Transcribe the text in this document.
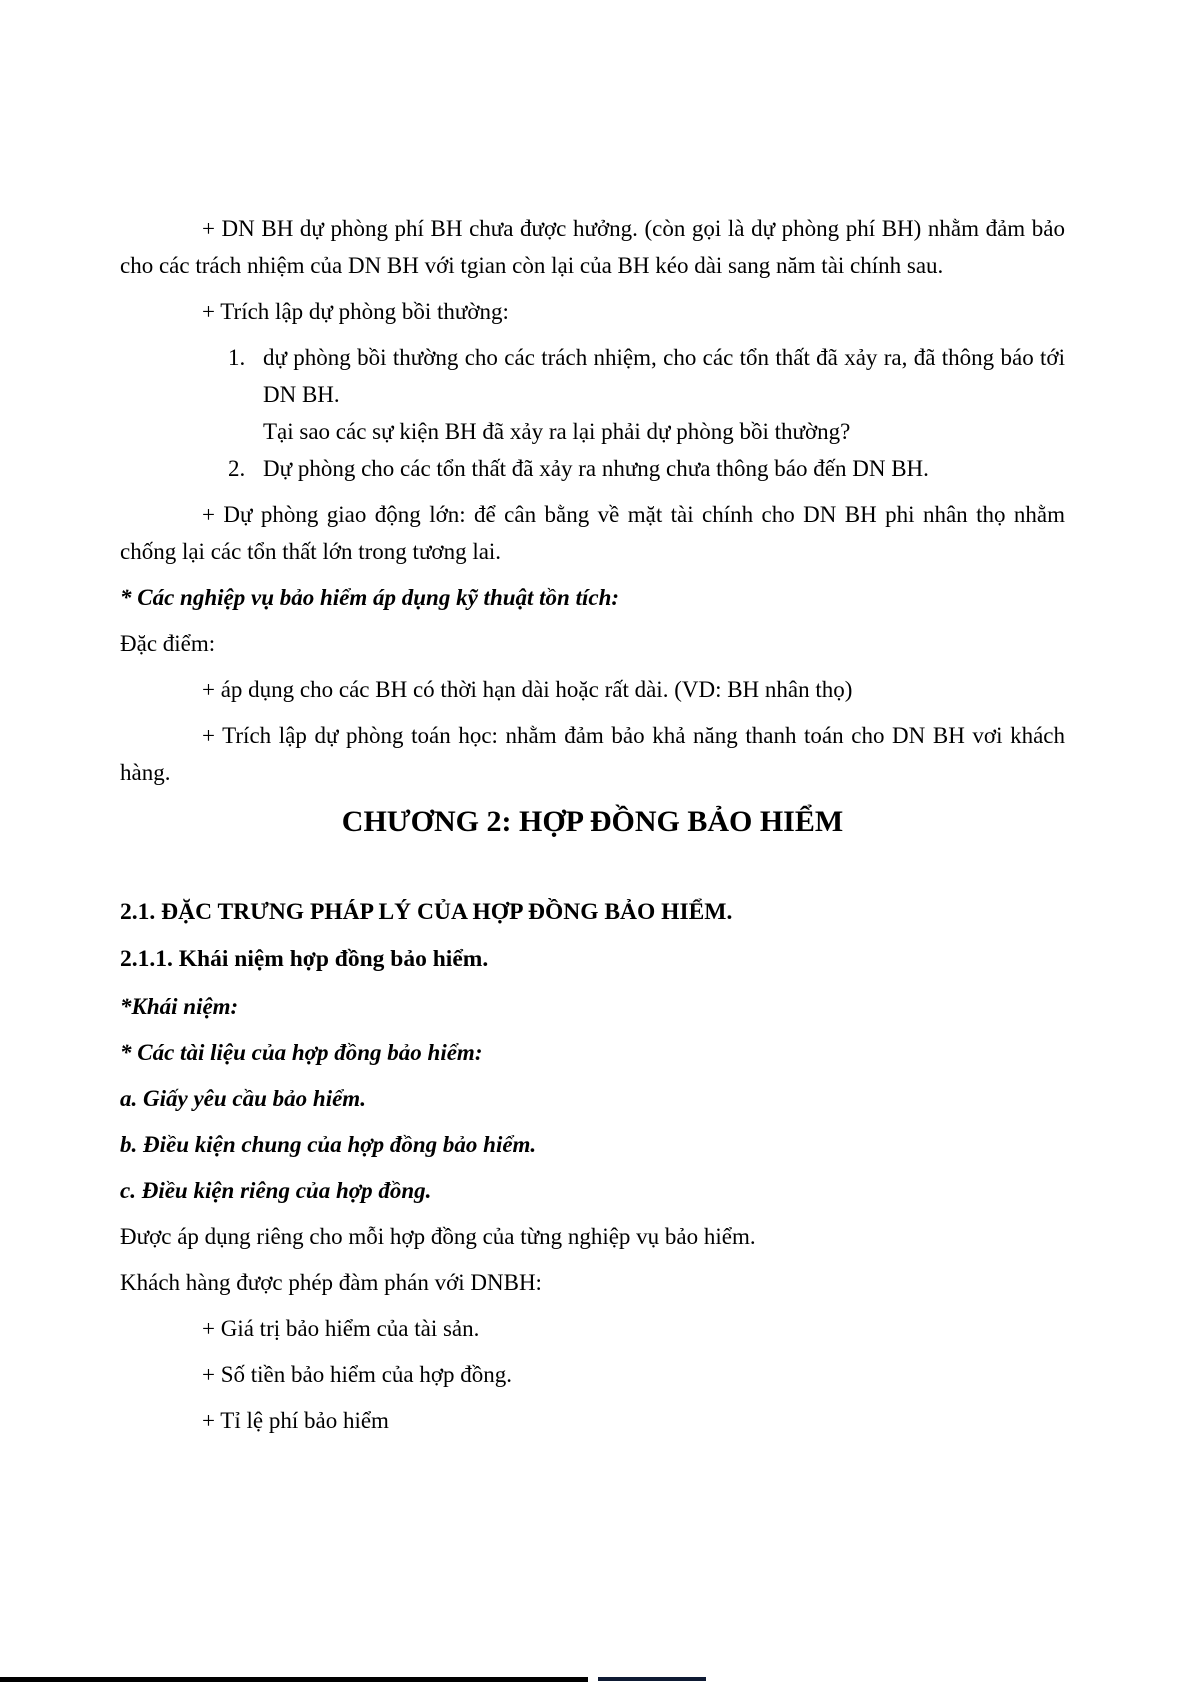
+ DN BH dự phòng phí BH chưa được hưởng. (còn gọi là dự phòng phí BH) nhằm đảm bảo cho các trách nhiệm của DN BH với tgian còn lại của BH kéo dài sang năm tài chính sau.

+ Trích lập dự phòng bồi thường:

1. dự phòng bồi thường cho các trách nhiệm, cho các tổn thất đã xảy ra, đã thông báo tới DN BH.

Tại sao các sự kiện BH đã xảy ra lại phải dự phòng bồi thường?

2. Dự phòng cho các tổn thất đã xảy ra nhưng chưa thông báo đến DN BH.

+ Dự phòng giao động lớn: để cân bằng về mặt tài chính cho DN BH phi nhân thọ nhằm chống lại các tổn thất lớn trong tương lai.

* Các nghiệp vụ bảo hiểm áp dụng kỹ thuật tồn tích:

Đặc điểm:

+ áp dụng cho các BH có thời hạn dài hoặc rất dài. (VD: BH nhân thọ)

+ Trích lập dự phòng toán học: nhằm đảm bảo khả năng thanh toán cho DN BH vơi khách hàng.

CHƯƠNG 2: HỢP ĐỒNG BẢO HIỂM

2.1. ĐẶC TRƯNG PHÁP LÝ CỦA HỢP ĐỒNG BẢO HIỂM.

2.1.1. Khái niệm hợp đồng bảo hiểm.

*Khái niệm:

* Các tài liệu của hợp đồng bảo hiểm:

a. Giấy yêu cầu bảo hiểm.

b. Điều kiện chung của hợp đồng bảo hiểm.

c. Điều kiện riêng của hợp đồng.

Được áp dụng riêng cho mỗi hợp đồng của từng nghiệp vụ bảo hiểm.

Khách hàng được phép đàm phán với DNBH:

+ Giá trị bảo hiểm của tài sản.

+ Số tiền bảo hiểm của hợp đồng.

+ Tỉ lệ phí bảo hiểm
